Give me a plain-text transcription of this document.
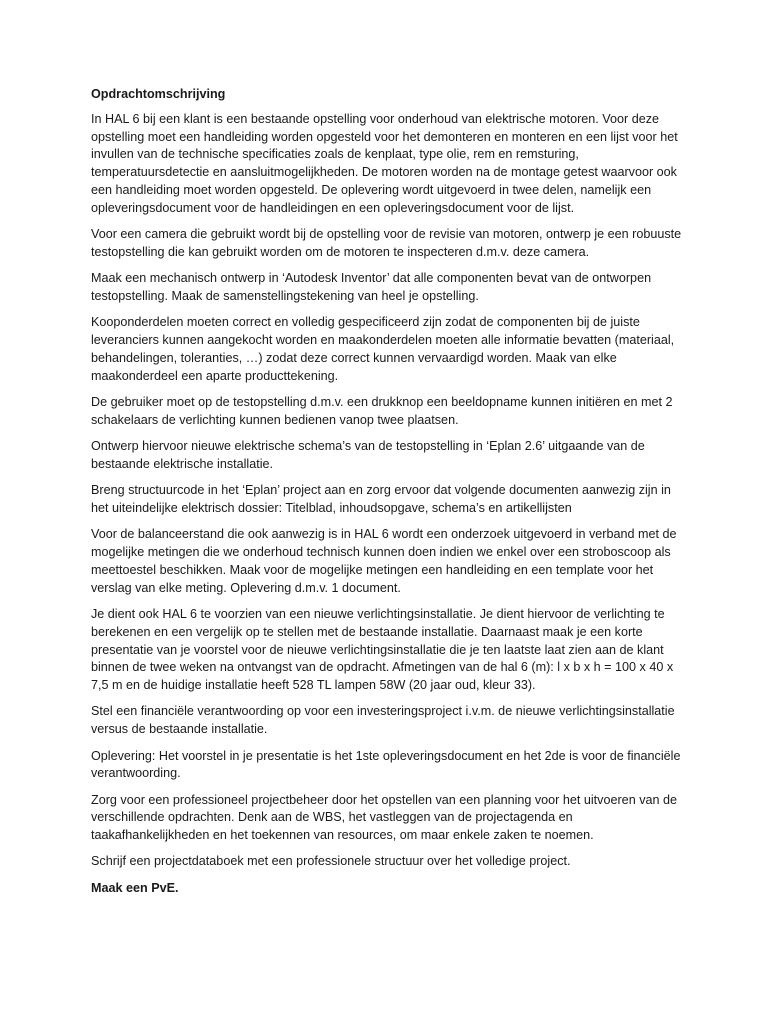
Opdrachtomschrijving

In HAL 6 bij een klant is een bestaande opstelling voor onderhoud van elektrische motoren. Voor deze opstelling moet een handleiding worden opgesteld voor het demonteren en monteren en een lijst voor het invullen van de technische specificaties zoals de kenplaat, type olie, rem en remsturing, temperatuursdetectie en aansluitmogelijkheden. De motoren worden na de montage getest waarvoor ook een handleiding moet worden opgesteld. De oplevering wordt uitgevoerd in twee delen, namelijk een opleveringsdocument voor de handleidingen en een opleveringsdocument voor de lijst.

Voor een camera die gebruikt wordt bij de opstelling voor de revisie van motoren, ontwerp je een robuuste testopstelling die kan gebruikt worden om de motoren te inspecteren d.m.v. deze camera.

Maak een mechanisch ontwerp in ‘Autodesk Inventor’ dat alle componenten bevat van de ontworpen testopstelling. Maak de samenstellingstekening van heel je opstelling.

Kooponderdelen moeten correct en volledig gespecificeerd zijn zodat de componenten bij de juiste leveranciers kunnen aangekocht worden en maakonderdelen moeten alle informatie bevatten (materiaal, behandelingen, toleranties, …) zodat deze correct kunnen vervaardigd worden. Maak van elke maakonderdeel een aparte producttekening.

De gebruiker moet op de testopstelling d.m.v. een drukknop een beeldopname kunnen initiëren en met 2 schakelaars de verlichting kunnen bedienen vanop twee plaatsen.

Ontwerp hiervoor nieuwe elektrische schema’s van de testopstelling in ‘Eplan 2.6’ uitgaande van de bestaande elektrische installatie.

Breng structuurcode in het ‘Eplan’ project aan en zorg ervoor dat volgende documenten aanwezig zijn in het uiteindelijke elektrisch dossier: Titelblad, inhoudsopgave, schema’s en artikellijsten

Voor de balanceerstand die ook aanwezig is in HAL 6 wordt een onderzoek uitgevoerd in verband met de mogelijke metingen die we onderhoud technisch kunnen doen indien we enkel over een stroboscoop als meettoestel beschikken. Maak voor de mogelijke metingen een handleiding en een template voor het verslag van elke meting. Oplevering d.m.v. 1 document.

Je dient ook HAL 6 te voorzien van een nieuwe verlichtingsinstallatie. Je dient hiervoor de verlichting te berekenen en een vergelijk op te stellen met de bestaande installatie. Daarnaast maak je een korte presentatie van je voorstel voor de nieuwe verlichtingsinstallatie die je ten laatste laat zien aan de klant binnen de twee weken na ontvangst van de opdracht. Afmetingen van de hal 6 (m): l x b x h = 100 x 40 x 7,5 m en de huidige installatie heeft 528 TL lampen 58W (20 jaar oud, kleur 33).

Stel een financiële verantwoording op voor een investeringsproject i.v.m. de nieuwe verlichtingsinstallatie versus de bestaande installatie.

Oplevering: Het voorstel in je presentatie is het 1ste opleveringsdocument en het 2de is voor de financiële verantwoording.

Zorg voor een professioneel projectbeheer door het opstellen van een planning voor het uitvoeren van de verschillende opdrachten. Denk aan de WBS, het vastleggen van de projectagenda en taakafhankelijkheden en het toekennen van resources, om maar enkele zaken te noemen.

Schrijf een projectdataboek met een professionele structuur over het volledige project.

Maak een PvE.
